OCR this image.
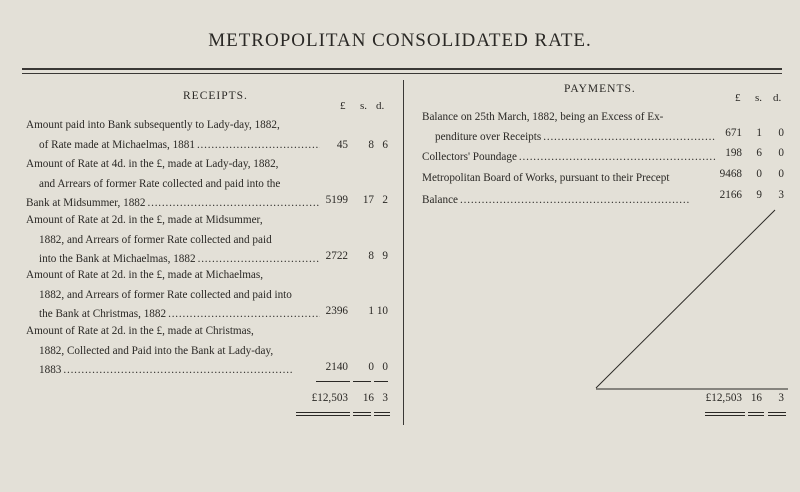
METROPOLITAN CONSOLIDATED RATE.
RECEIPTS.
£ s. d.
Amount paid into Bank subsequently to Lady-day, 1882,
of Rate made at Michaelmas, 1881 . . .	45	8 6
Amount of Rate at 4d. in the £, made at Lady-day, 1882,
and Arrears of former Rate collected and paid into the
Bank at Midsummer, 1882 . . .	5199	17 2
Amount of Rate at 2d. in the £, made at Midsummer,
1882, and Arrears of former Rate collected and paid
into the Bank at Michaelmas, 1882 . . .	2722	8 9
Amount of Rate at 2d. in the £, made at Michaelmas,
1882, and Arrears of former Rate collected and paid into
the Bank at Christmas, 1882 . . .	2396	1 10
Amount of Rate at 2d. in the £, made at Christmas,
1882, Collected and Paid into the Bank at Lady-day,
1883 . . .	2140	0 0
£12,503	16 3
PAYMENTS.
£ s. d.
Balance on 25th March, 1882, being an Excess of Ex-
penditure over Receipts . . .	671	1	0
Collectors' Poundage . . .	198	6	0
Metropolitan Board of Works, pursuant to their Precept	9468	0	0
Balance . . .	2166	9	3
£12,503 16	3
